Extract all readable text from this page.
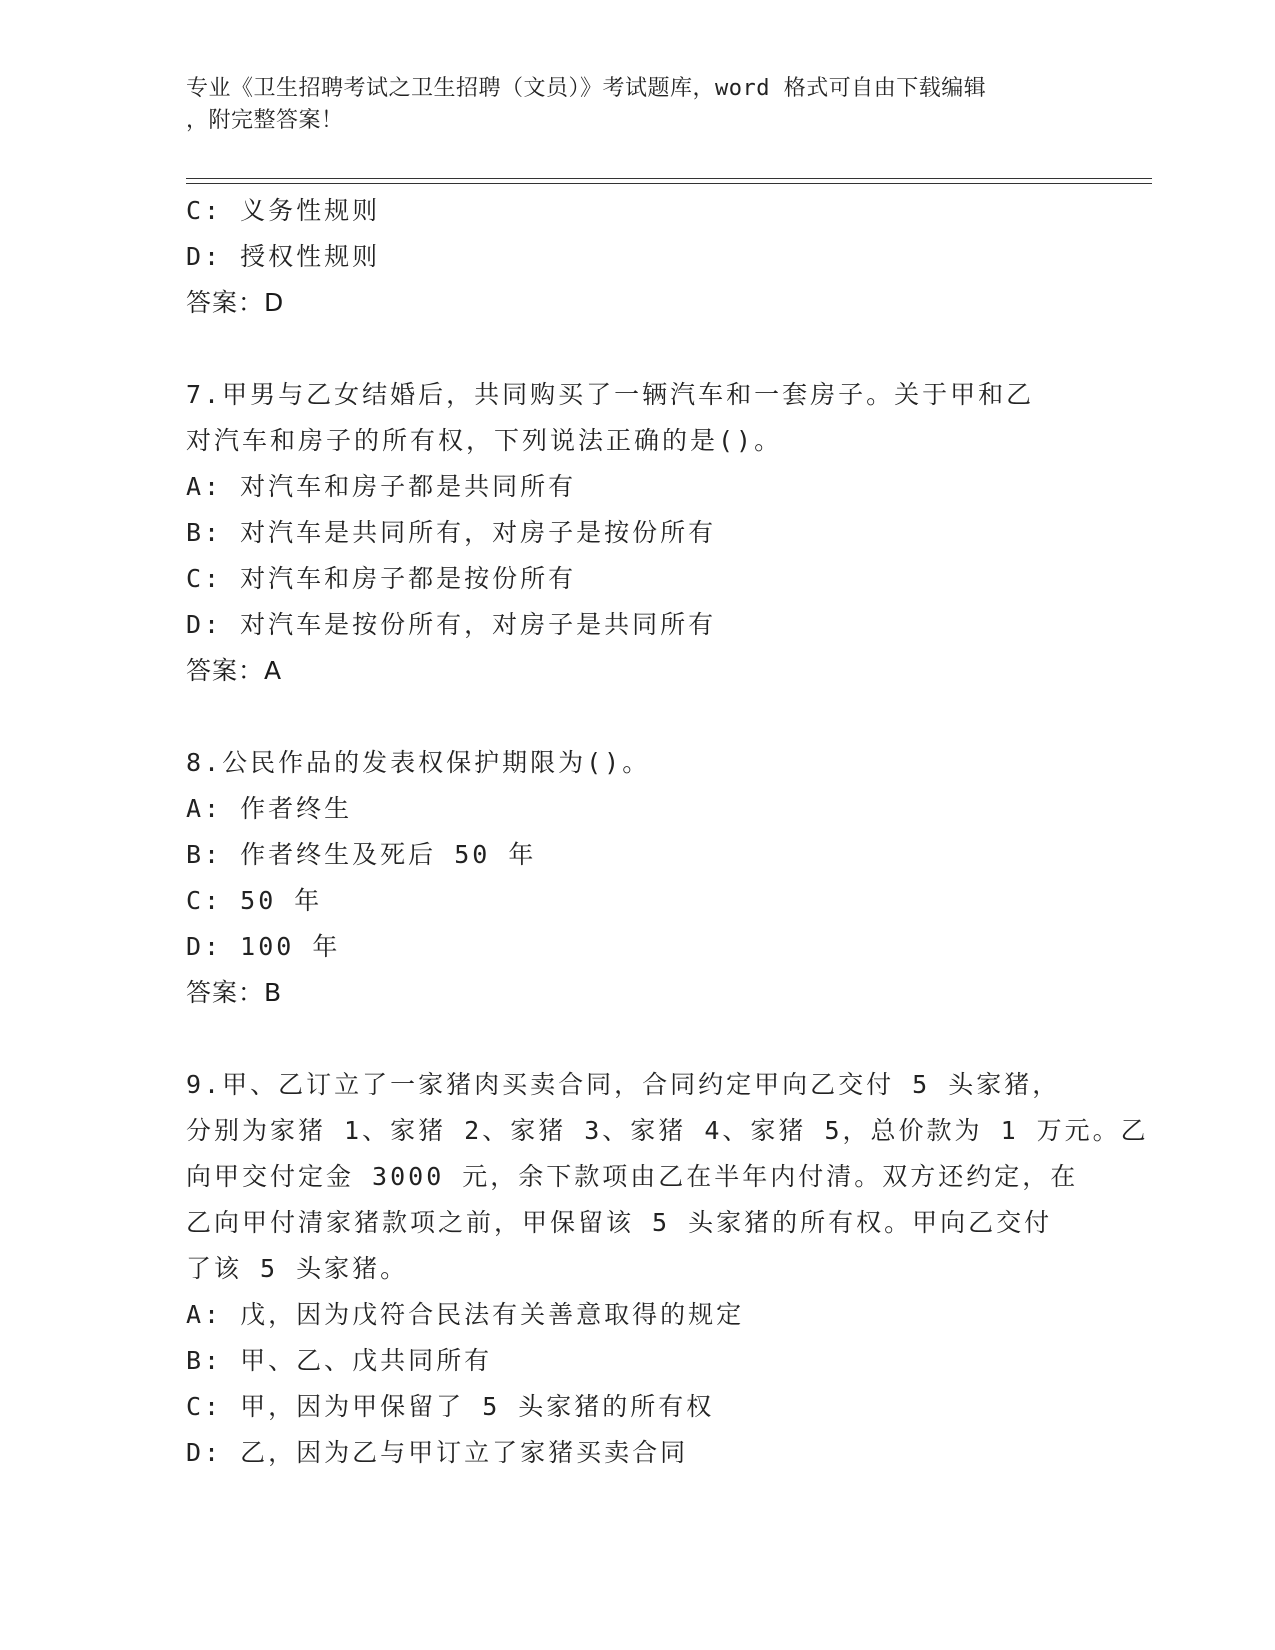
专业《卫生招聘考试之卫生招聘（文员）》考试题库，word 格式可自由下载编辑
，附完整答案！
C: 义务性规则
D: 授权性规则
答案：D
7.甲男与乙女结婚后，共同购买了一辆汽车和一套房子。关于甲和乙
对汽车和房子的所有权，下列说法正确的是()。
A: 对汽车和房子都是共同所有
B: 对汽车是共同所有，对房子是按份所有
C: 对汽车和房子都是按份所有
D: 对汽车是按份所有，对房子是共同所有
答案：A
8.公民作品的发表权保护期限为()。
A: 作者终生
B: 作者终生及死后 50 年
C: 50 年
D: 100 年
答案：B
9.甲、乙订立了一家猪肉买卖合同，合同约定甲向乙交付 5 头家猪，
分别为家猪 1、家猪 2、家猪 3、家猪 4、家猪 5，总价款为 1 万元。乙
向甲交付定金 3000 元，余下款项由乙在半年内付清。双方还约定，在
乙向甲付清家猪款项之前，甲保留该 5 头家猪的所有权。甲向乙交付
了该 5 头家猪。
A: 戊，因为戊符合民法有关善意取得的规定
B: 甲、乙、戊共同所有
C: 甲，因为甲保留了 5 头家猪的所有权
D: 乙，因为乙与甲订立了家猪买卖合同
